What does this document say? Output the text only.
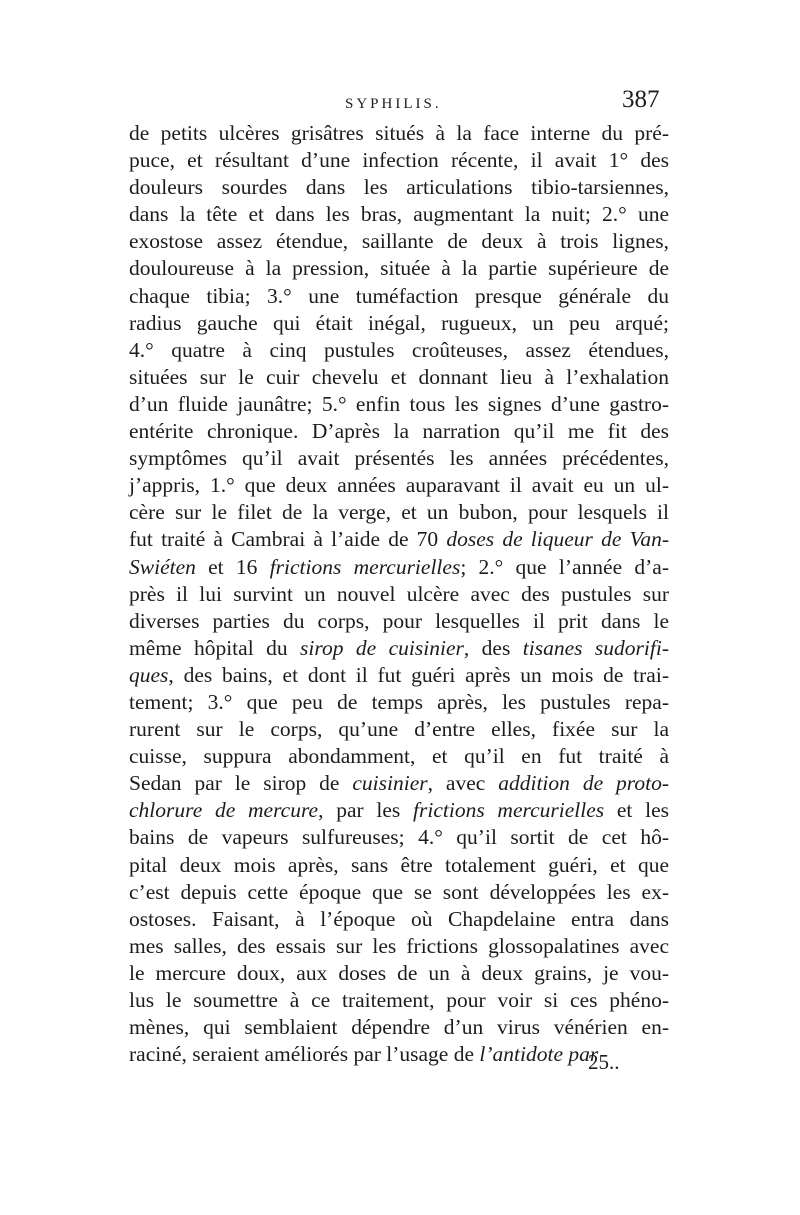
SYPHILIS.	387
de petits ulcères grisâtres situés à la face interne du pré-
puce, et résultant d’une infection récente, il avait 1° des
douleurs sourdes dans les articulations tibio-tarsiennes,
dans la tête et dans les bras, augmentant la nuit; 2.° une
exostose assez étendue, saillante de deux à trois lignes,
douloureuse à la pression, située à la partie supérieure de
chaque tibia; 3.° une tuméfaction presque générale du
radius gauche qui était inégal, rugueux, un peu arqué;
4.° quatre à cinq pustules croûteuses, assez étendues,
situées sur le cuir chevelu et donnant lieu à l’exhalation
d’un fluide jaunâtre; 5.° enfin tous les signes d’une gastro-
entérite chronique. D’après la narration qu’il me fit des
symptômes qu’il avait présentés les années précédentes,
j’appris, 1.° que deux années auparavant il avait eu un ul-
cère sur le filet de la verge, et un bubon, pour lesquels il
fut traité à Cambrai à l’aide de 70 doses de liqueur de Van-
Swiéten et 16 frictions mercurielles; 2.° que l’année d’a-
près il lui survint un nouvel ulcère avec des pustules sur
diverses parties du corps, pour lesquelles il prit dans le
même hôpital du sirop de cuisinier, des tisanes sudorifi-
ques, des bains, et dont il fut guéri après un mois de trai-
tement; 3.° que peu de temps après, les pustules repa-
rurent sur le corps, qu’une d’entre elles, fixée sur la
cuisse, suppura abondamment, et qu’il en fut traité à
Sedan par le sirop de cuisinier, avec addition de proto-
chlorure de mercure, par les frictions mercurielles et les
bains de vapeurs sulfureuses; 4.° qu’il sortit de cet hô-
pital deux mois après, sans être totalement guéri, et que
c’est depuis cette époque que se sont développées les ex-
ostoses. Faisant, à l’époque où Chapdelaine entra dans
mes salles, des essais sur les frictions glossopalatines avec
le mercure doux, aux doses de un à deux grains, je vou-
lus le soumettre à ce traitement, pour voir si ces phéno-
mènes, qui semblaient dépendre d’un virus vénérien en-
raciné, seraient améliorés par l’usage de l’antidote par
25..
